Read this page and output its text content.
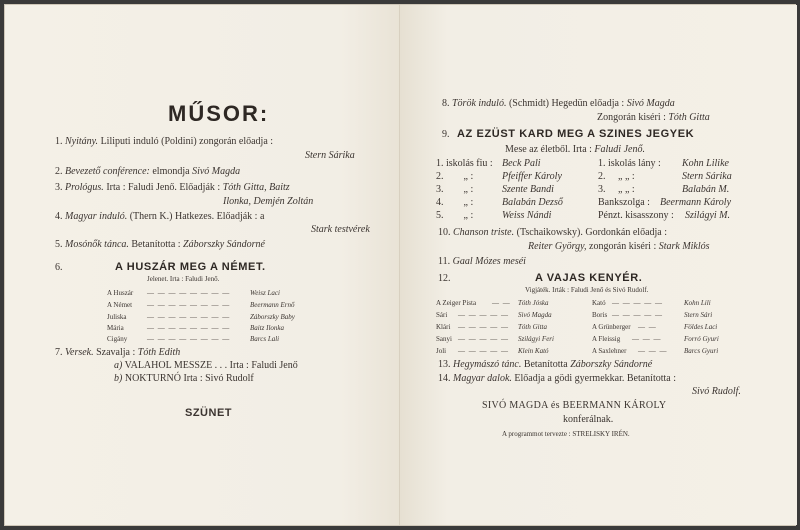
MŰSOR:
1. Nyitány. Liliputi induló (Poldini) zongorán előadja :
Stern Sárika
2. Bevezető conférence: elmondja Sivó Magda
3. Prológus. Irta : Faludi Jenő. Előadják : Tóth Gitta, Baitz
Ilonka, Demjén Zoltán
4. Magyar induló. (Thern K.) Hatkezes. Előadják : a
Stark testvérek
5. Mosónők tánca. Betanította : Záborszky Sándorné
6.	A HUSZÁR MEG A NÉMET.
Jelenet. Irta : Faludi Jenő.
A Huszár — — — — — — — —	Weisz Laci
A Német — — — — — — — —	Beermann Ernő
Juliska	— — — — — — — —	Záborszky Baby
Mária	— — — — — — — —	Baitz Ilonka
Cigány	— — — — — — — —	Barcs Lali
7. Versek. Szavalja : Tóth Edith
a) VALAHOL MESSZE . . . Irta : Faludi Jenő
b) NOKTURNÓ Irta : Sivó Rudolf
SZÜNET
8. Török induló. (Schmidt) Hegedün előadja : Sivó Magda
Zongorán kiséri : Tóth Gitta
9. AZ EZÜST KARD MEG A SZINES JEGYEK
Mese az életből. Irta : Faludi Jenő.
1. iskolás fiu : Beck Pali	1. iskolás lány : Kohn Lilike
2. „ :	Pfeiffer Károly	2. „ „ :	Stern Sárika
3. „ :	Szente Bandi	3. „ „ :	Balabán M.
4. „ :	Balabán Dezső	Bankszolga : Beermann Károly
5. „ :	Weiss Nándi	Pénzt. kisasszony : Szilágyi M.
10. Chanson triste. (Tschaikowsky). Gordonkán előadja :
Reiter György, zongorán kiséri : Stark Miklós
11. Gaal Mózes meséi
12.	A VAJAS KENYÉR.
Vigjáték. Irták : Faludi Jenő és Sivó Rudolf.
A Zeiger Pista — — Tóth Jóska	Kató — — — — —	Kohn Lili
Sári — — — — — Sivó Magda	Boris — — — — —	Stern Sári
Klári — — — — — Tóth Gitta	A Grünberger — —	Földes Laci
Sanyi — — — — — Szilágyi Feri	A Fleissig — — —	Forró Gyuri
Joli — — — — — Klein Kató	A Saxlehner — — — Barcs Gyuri
13. Hegymászó tánc. Betanította Záborszky Sándorné
14. Magyar dalok. Előadja a gödi gyermekkar. Betanította :
Sivó Rudolf.
SIVÓ MAGDA és BEERMANN KÁROLY
konferálnak.
A programmot tervezte : STRELISKY IRÉN.
